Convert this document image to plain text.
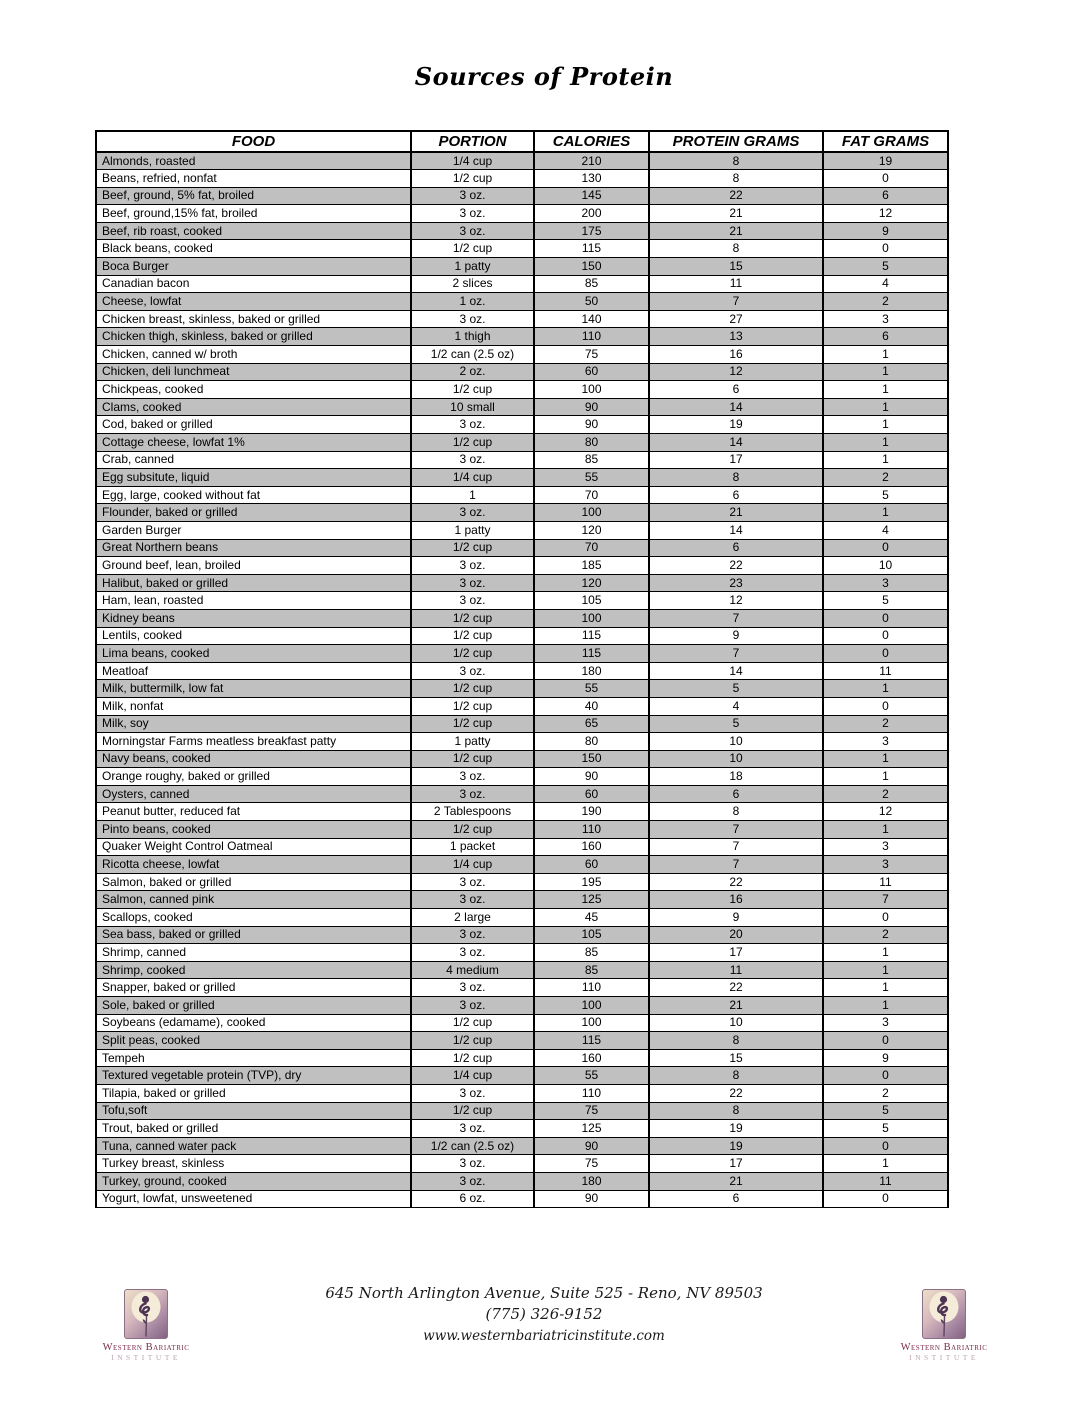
Sources of Protein
FOOD	PORTION	CALORIES	PROTEIN GRAMS	FAT GRAMS
Almonds, roasted	1/4 cup	210	8	19
Beans, refried, nonfat	1/2 cup	130	8	0
Beef, ground, 5% fat, broiled	3 oz.	145	22	6
Beef, ground,15% fat, broiled	3 oz.	200	21	12
Beef, rib roast, cooked	3 oz.	175	21	9
Black beans, cooked	1/2 cup	115	8	0
Boca Burger	1 patty	150	15	5
Canadian bacon	2 slices	85	11	4
Cheese, lowfat	1 oz.	50	7	2
Chicken breast, skinless, baked or grilled	3 oz.	140	27	3
Chicken thigh, skinless, baked or grilled	1 thigh	110	13	6
Chicken, canned w/ broth	1/2 can (2.5 oz)	75	16	1
Chicken, deli lunchmeat	2 oz.	60	12	1
Chickpeas, cooked	1/2 cup	100	6	1
Clams, cooked	10 small	90	14	1
Cod, baked or grilled	3 oz.	90	19	1
Cottage cheese, lowfat 1%	1/2 cup	80	14	1
Crab, canned	3 oz.	85	17	1
Egg subsitute, liquid	1/4 cup	55	8	2
Egg, large, cooked without fat	1	70	6	5
Flounder, baked or grilled	3 oz.	100	21	1
Garden Burger	1 patty	120	14	4
Great Northern beans	1/2 cup	70	6	0
Ground beef, lean, broiled	3 oz.	185	22	10
Halibut, baked or grilled	3 oz.	120	23	3
Ham, lean, roasted	3 oz.	105	12	5
Kidney beans	1/2 cup	100	7	0
Lentils, cooked	1/2 cup	115	9	0
Lima beans, cooked	1/2 cup	115	7	0
Meatloaf	3 oz.	180	14	11
Milk, buttermilk, low fat	1/2 cup	55	5	1
Milk, nonfat	1/2 cup	40	4	0
Milk, soy	1/2 cup	65	5	2
Morningstar Farms meatless breakfast patty	1 patty	80	10	3
Navy beans, cooked	1/2 cup	150	10	1
Orange roughy, baked or grilled	3 oz.	90	18	1
Oysters, canned	3 oz.	60	6	2
Peanut butter, reduced fat	2 Tablespoons	190	8	12
Pinto beans, cooked	1/2 cup	110	7	1
Quaker Weight Control Oatmeal	1 packet	160	7	3
Ricotta cheese, lowfat	1/4 cup	60	7	3
Salmon, baked or grilled	3 oz.	195	22	11
Salmon, canned pink	3 oz.	125	16	7
Scallops, cooked	2 large	45	9	0
Sea bass, baked or grilled	3 oz.	105	20	2
Shrimp, canned	3 oz.	85	17	1
Shrimp, cooked	4 medium	85	11	1
Snapper, baked or grilled	3 oz.	110	22	1
Sole, baked or grilled	3 oz.	100	21	1
Soybeans (edamame), cooked	1/2 cup	100	10	3
Split peas, cooked	1/2 cup	115	8	0
Tempeh	1/2 cup	160	15	9
Textured vegetable protein (TVP), dry	1/4 cup	55	8	0
Tilapia, baked or grilled	3 oz.	110	22	2
Tofu,soft	1/2 cup	75	8	5
Trout, baked or grilled	3 oz.	125	19	5
Tuna, canned water pack	1/2 can (2.5 oz)	90	19	0
Turkey breast, skinless	3 oz.	75	17	1
Turkey, ground, cooked	3 oz.	180	21	11
Yogurt, lowfat, unsweetened	6 oz.	90	6	0
Western Bariatric
INSTITUTE
645 North Arlington Avenue, Suite 525 - Reno, NV 89503
(775) 326-9152
www.westernbariatricinstitute.com
Western Bariatric
INSTITUTE
